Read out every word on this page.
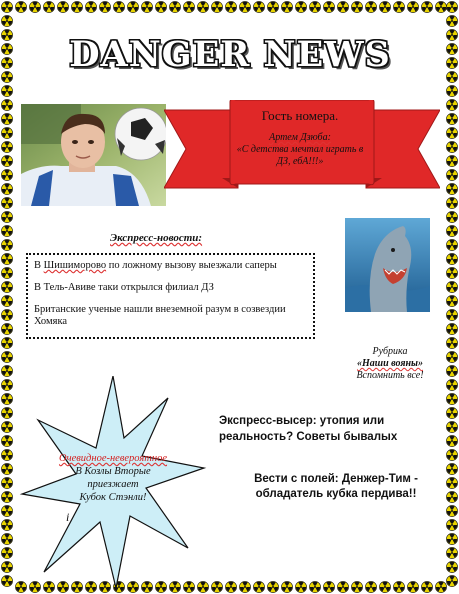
DANGER NEWS
Гость номера.
Артем Дзюба:
«С детства мечтал играть в ДЗ, ебА!!!»
Экспресс-новости:

В Шишиморово по ложному вызову выезжали саперы

В Тель-Авиве таки открылся филиал ДЗ

Британские ученые нашли внеземной разум в созвездии Хомяка

Рубрика
«Наши вояны»
Вспомнить все!
Очевидное-невероятное
В Козлы Вторые
приезжает
Кубок Стэнли!
i
Экспресс-высер: утопия или реальность? Советы бывалых
Вести с полей: Денжер-Тим - обладатель кубка пердива!!
